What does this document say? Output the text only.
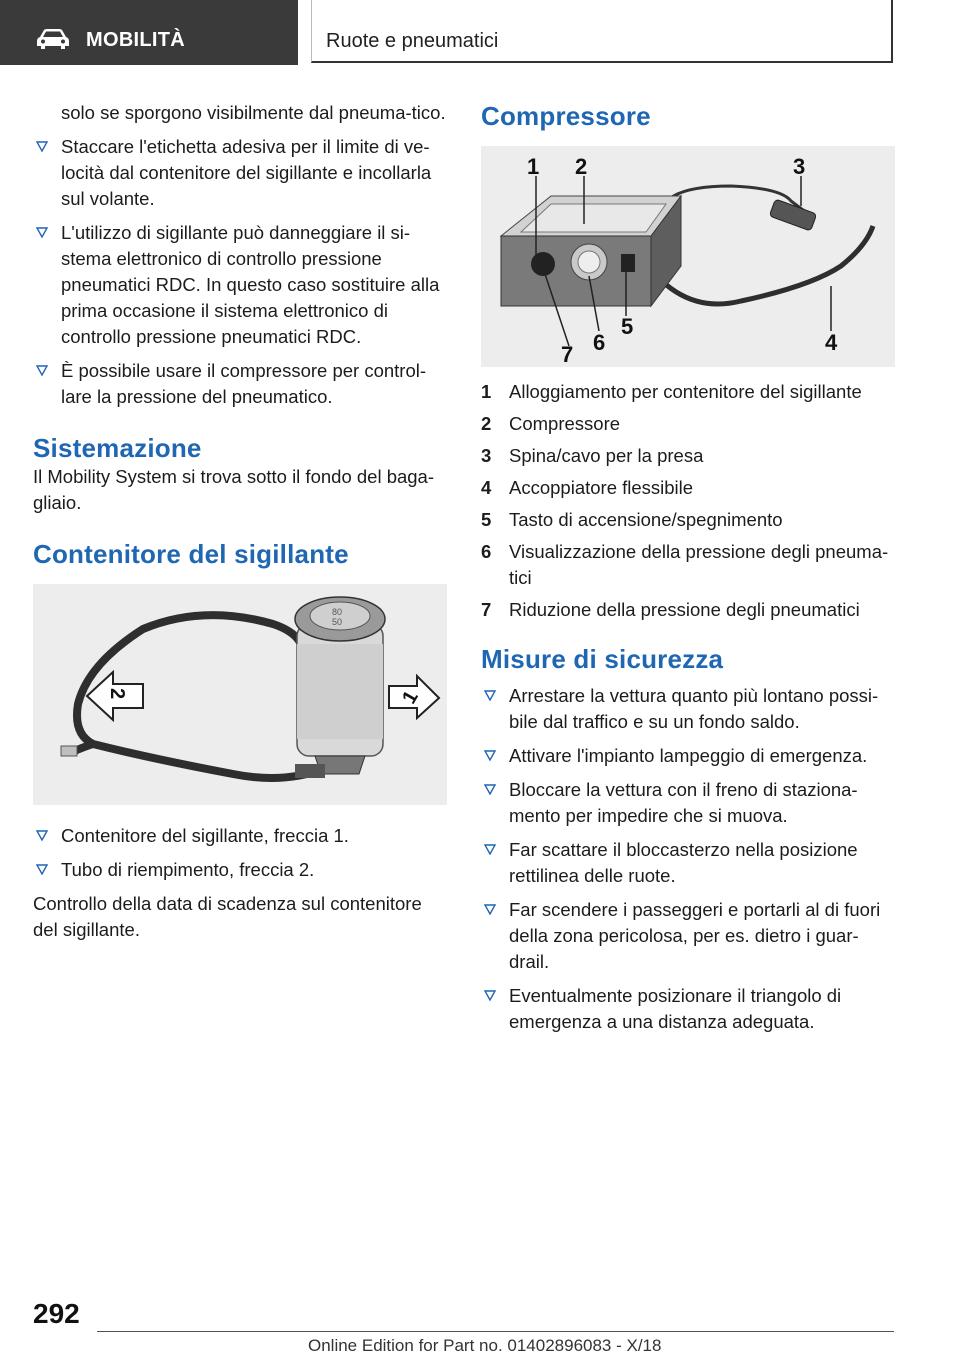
MOBILITÀ	Ruote e pneumatici
solo se sporgono visibilmente dal pneuma-tico.
Staccare l'etichetta adesiva per il limite di ve-locità dal contenitore del sigillante e incollarla sul volante.
L'utilizzo di sigillante può danneggiare il si-stema elettronico di controllo pressione pneumatici RDC. In questo caso sostituire alla prima occasione il sistema elettronico di controllo pressione pneumatici RDC.
È possibile usare il compressore per control-lare la pressione del pneumatico.
Sistemazione
Il Mobility System si trova sotto il fondo del baga-gliaio.
Contenitore del sigillante
80
50
2	1
Contenitore del sigillante, freccia 1.
Tubo di riempimento, freccia 2.
Controllo della data di scadenza sul contenitore del sigillante.
Compressore
1 2	3
4
5
6
7
1 Alloggiamento per contenitore del sigillante
2 Compressore
3 Spina/cavo per la presa
4 Accoppiatore flessibile
5 Tasto di accensione/spegnimento
6 Visualizzazione della pressione degli pneuma-tici
7 Riduzione della pressione degli pneumatici
Misure di sicurezza
Arrestare la vettura quanto più lontano possi-bile dal traffico e su un fondo saldo.
Attivare l'impianto lampeggio di emergenza.
Bloccare la vettura con il freno di staziona-mento per impedire che si muova.
Far scattare il bloccasterzo nella posizione rettilinea delle ruote.
Far scendere i passeggeri e portarli al di fuori della zona pericolosa, per es. dietro i guar-drail.
Eventualmente posizionare il triangolo di emergenza a una distanza adeguata.
292
Online Edition for Part no. 01402896083 - X/18
